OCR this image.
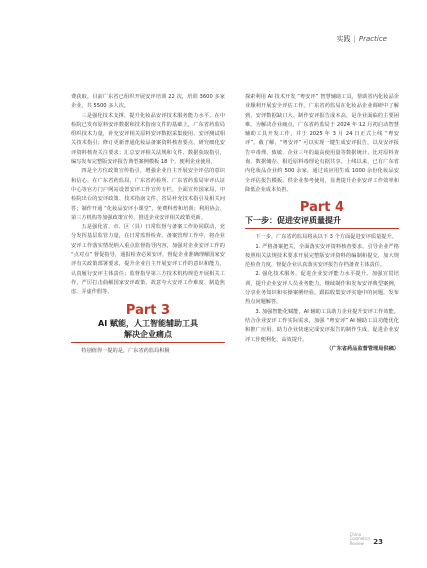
实践 | Practice

费获取。目前广东省已组织开展安评培训 22 次，培训 3600 多家企业，共 5500 多人次。

三是强化技术支撑，提升化妆品安评技术服务能力水平。在中检院已发布原料安评数据和技术指南文件的基础上，广东省药监局组织技术力量，补充安评相关原料安评数据采集使用、安评测试相关技术指引；修订更新普通化妆品备案资料核查要点，研究细化安评资料核查关注要求；汇总安评相关法规和文件、数据获取指引，编写发布完整版安评报告典型案例模板 18 个，便利企业使用。

四是全方位政策宣传指引，增强企业自主开展安全评估的意识和信心。在广东省药监局、广东省药检所、广东省药监局审评认证中心等官方门户网站设置安评工作宣传专栏，全面宣传国家局、中检院出台的安评政策、技术指南文件、省局补充技术指引及相关问答；制作开通 “化妆品安评小课堂”，免费科普和培训；利用协会、第三方机构等加强政策宣传，推进企业安评相关政策更新。

五是强化省、市、区（县）日常监督与备案工作协同联动，充分发挥基层监管力量，在日常监督检查、备案管理工作中，将企业安评工作落实情况纳入重点监督指导内容，加强对企业安评工作的 “点对点” 督促指导，通报检查必须安评，督促企业准确理解国家安评有关政策部署要求，提升企业自主开展安评工作的意识和能力，认真履行安评主体责任；监督指导第三方技术机构规范开展相关工作，严厉打击曲解国家安评政策、故意夸大安评工作难度、制造焦虑、弄虚作假等。

Part 3
AI 赋能，人工智能辅助工具
解决企业痛点

特别值得一提的是，广东省药监局积极

探索利用 AI 技术开发 “粤安评” 智慧辅助工具，帮助省内化妆品企业顺利开展安全评估工作。广东省药监局在化妆品企业调研中了解到，安评数据缺口大、制作安评报告成本高，是企业面临的主要困难。为解决企业痛点，广东省药监局于 2024 年 12 月初启动智慧辅助工具开发工作，并于 2025 年 3 月 24 日正式上线 “粤安评”。截了解，“粤安评” 可以实现一键生成安评报告，以及安评报告中毒理、致敏、企业三年的最高使用量等数据统计、比对原料查询、数据储存、相近原料毒理论有据共享。上线以来，已有广东省内化妆品企业约 500 余家，通过该应用生成 1000 余份化妆品安全评估报告模板，供企业参考使用，显著提升企业安评工作效率和降低企业成本负担。

Part 4
下一步：促进安评质量提升

下一步，广东省药监局将从以下 3 个方面促进安评质量提升。

1. 严格备案把关，全面落实安评资料核查要求。引导企业严格按照相关法规技术要求开展完整版安评资料的编制和提交，加大规范检查力度，督促企业认真落实安评报告存档备查主体责任。

2. 强化技术服务，促进企业安评能力水平提升。加强宣贯培训，提升企业安评人员业务能力。继续制作和发布安评典型案例，分享业务知识和实操案例经验。跟踪收集安评实施中的问题，发布热点问题解答。

3. 加强智能化赋能，AI 辅助工具助力企业提升安评工作效能。结合企业安评工作实际需求，加强 “粤安评” AI 辅助工具功能优化和推广应用。助力企业快速完成安评报告的制作生成，促进企业安评工作便利化、高效提升。

（广东省药品监督管理局供稿）

China
Cosmetics
Review	23
